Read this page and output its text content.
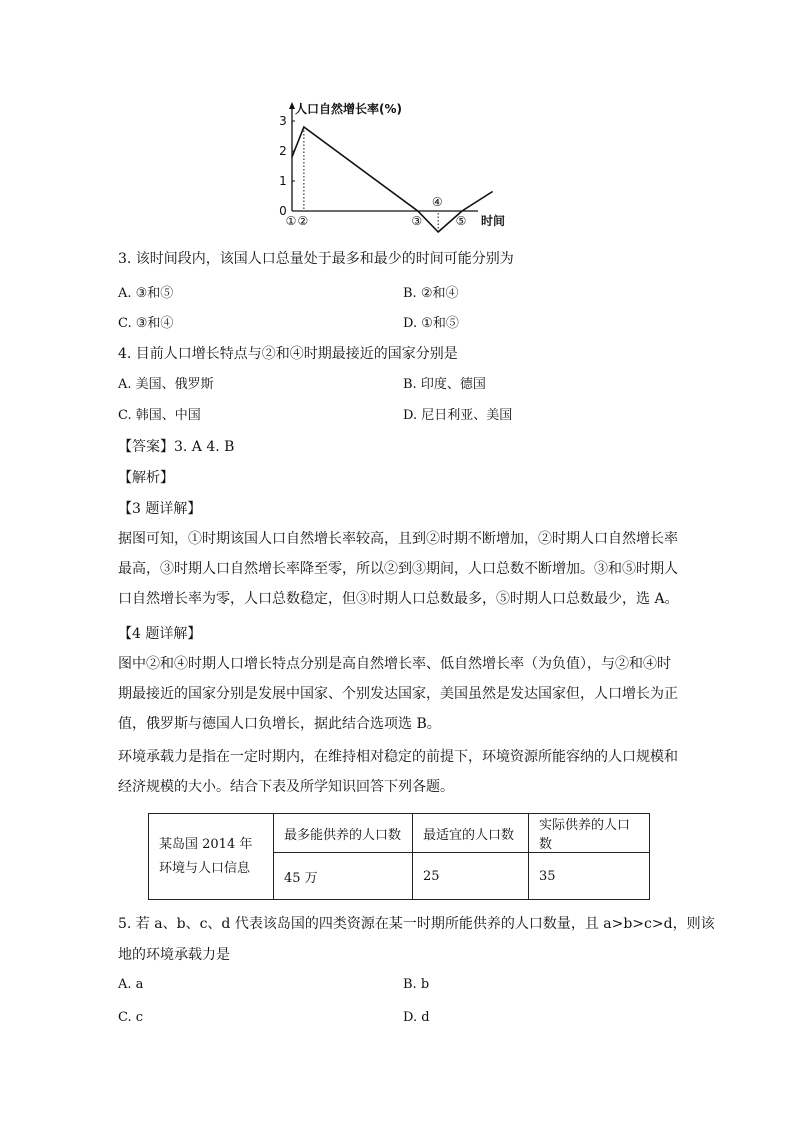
人口自然增长率(%)
时间
0
1
2
3
① ②	③
④
⑤
3. 该时间段内，该国人口总量处于最多和最少的时间可能分别为
A. ③和⑤	B. ②和④
C. ③和④	D. ①和⑤
4. 目前人口增长特点与②和④时期最接近的国家分别是
A. 美国、俄罗斯	B. 印度、德国
C. 韩国、中国	D. 尼日利亚、美国
【答案】3. A 4. B
【解析】
【3 题详解】
据图可知，①时期该国人口自然增长率较高，且到②时期不断增加，②时期人口自然增长率
最高，③时期人口自然增长率降至零，所以②到③期间，人口总数不断增加。③和⑤时期人
口自然增长率为零，人口总数稳定，但③时期人口总数最多，⑤时期人口总数最少，选 A。
【4 题详解】
图中②和④时期人口增长特点分别是高自然增长率、低自然增长率（为负值），与②和④时
期最接近的国家分别是发展中国家、个别发达国家，美国虽然是发达国家但，人口增长为正
值，俄罗斯与德国人口负增长，据此结合选项选 B。
环境承载力是指在一定时期内，在维持相对稳定的前提下，环境资源所能容纳的人口规模和
经济规模的大小。结合下表及所学知识回答下列各题。
某岛国 2014 年
环境与人口信息	最多能供养的人口数	最适宜的人口数	实际供养的人口数
	45 万	25	35
5. 若 a、b、c、d 代表该岛国的四类资源在某一时期所能供养的人口数量，且 a>b>c>d，则该
地的环境承载力是
A. a	B. b
C. c	D. d
